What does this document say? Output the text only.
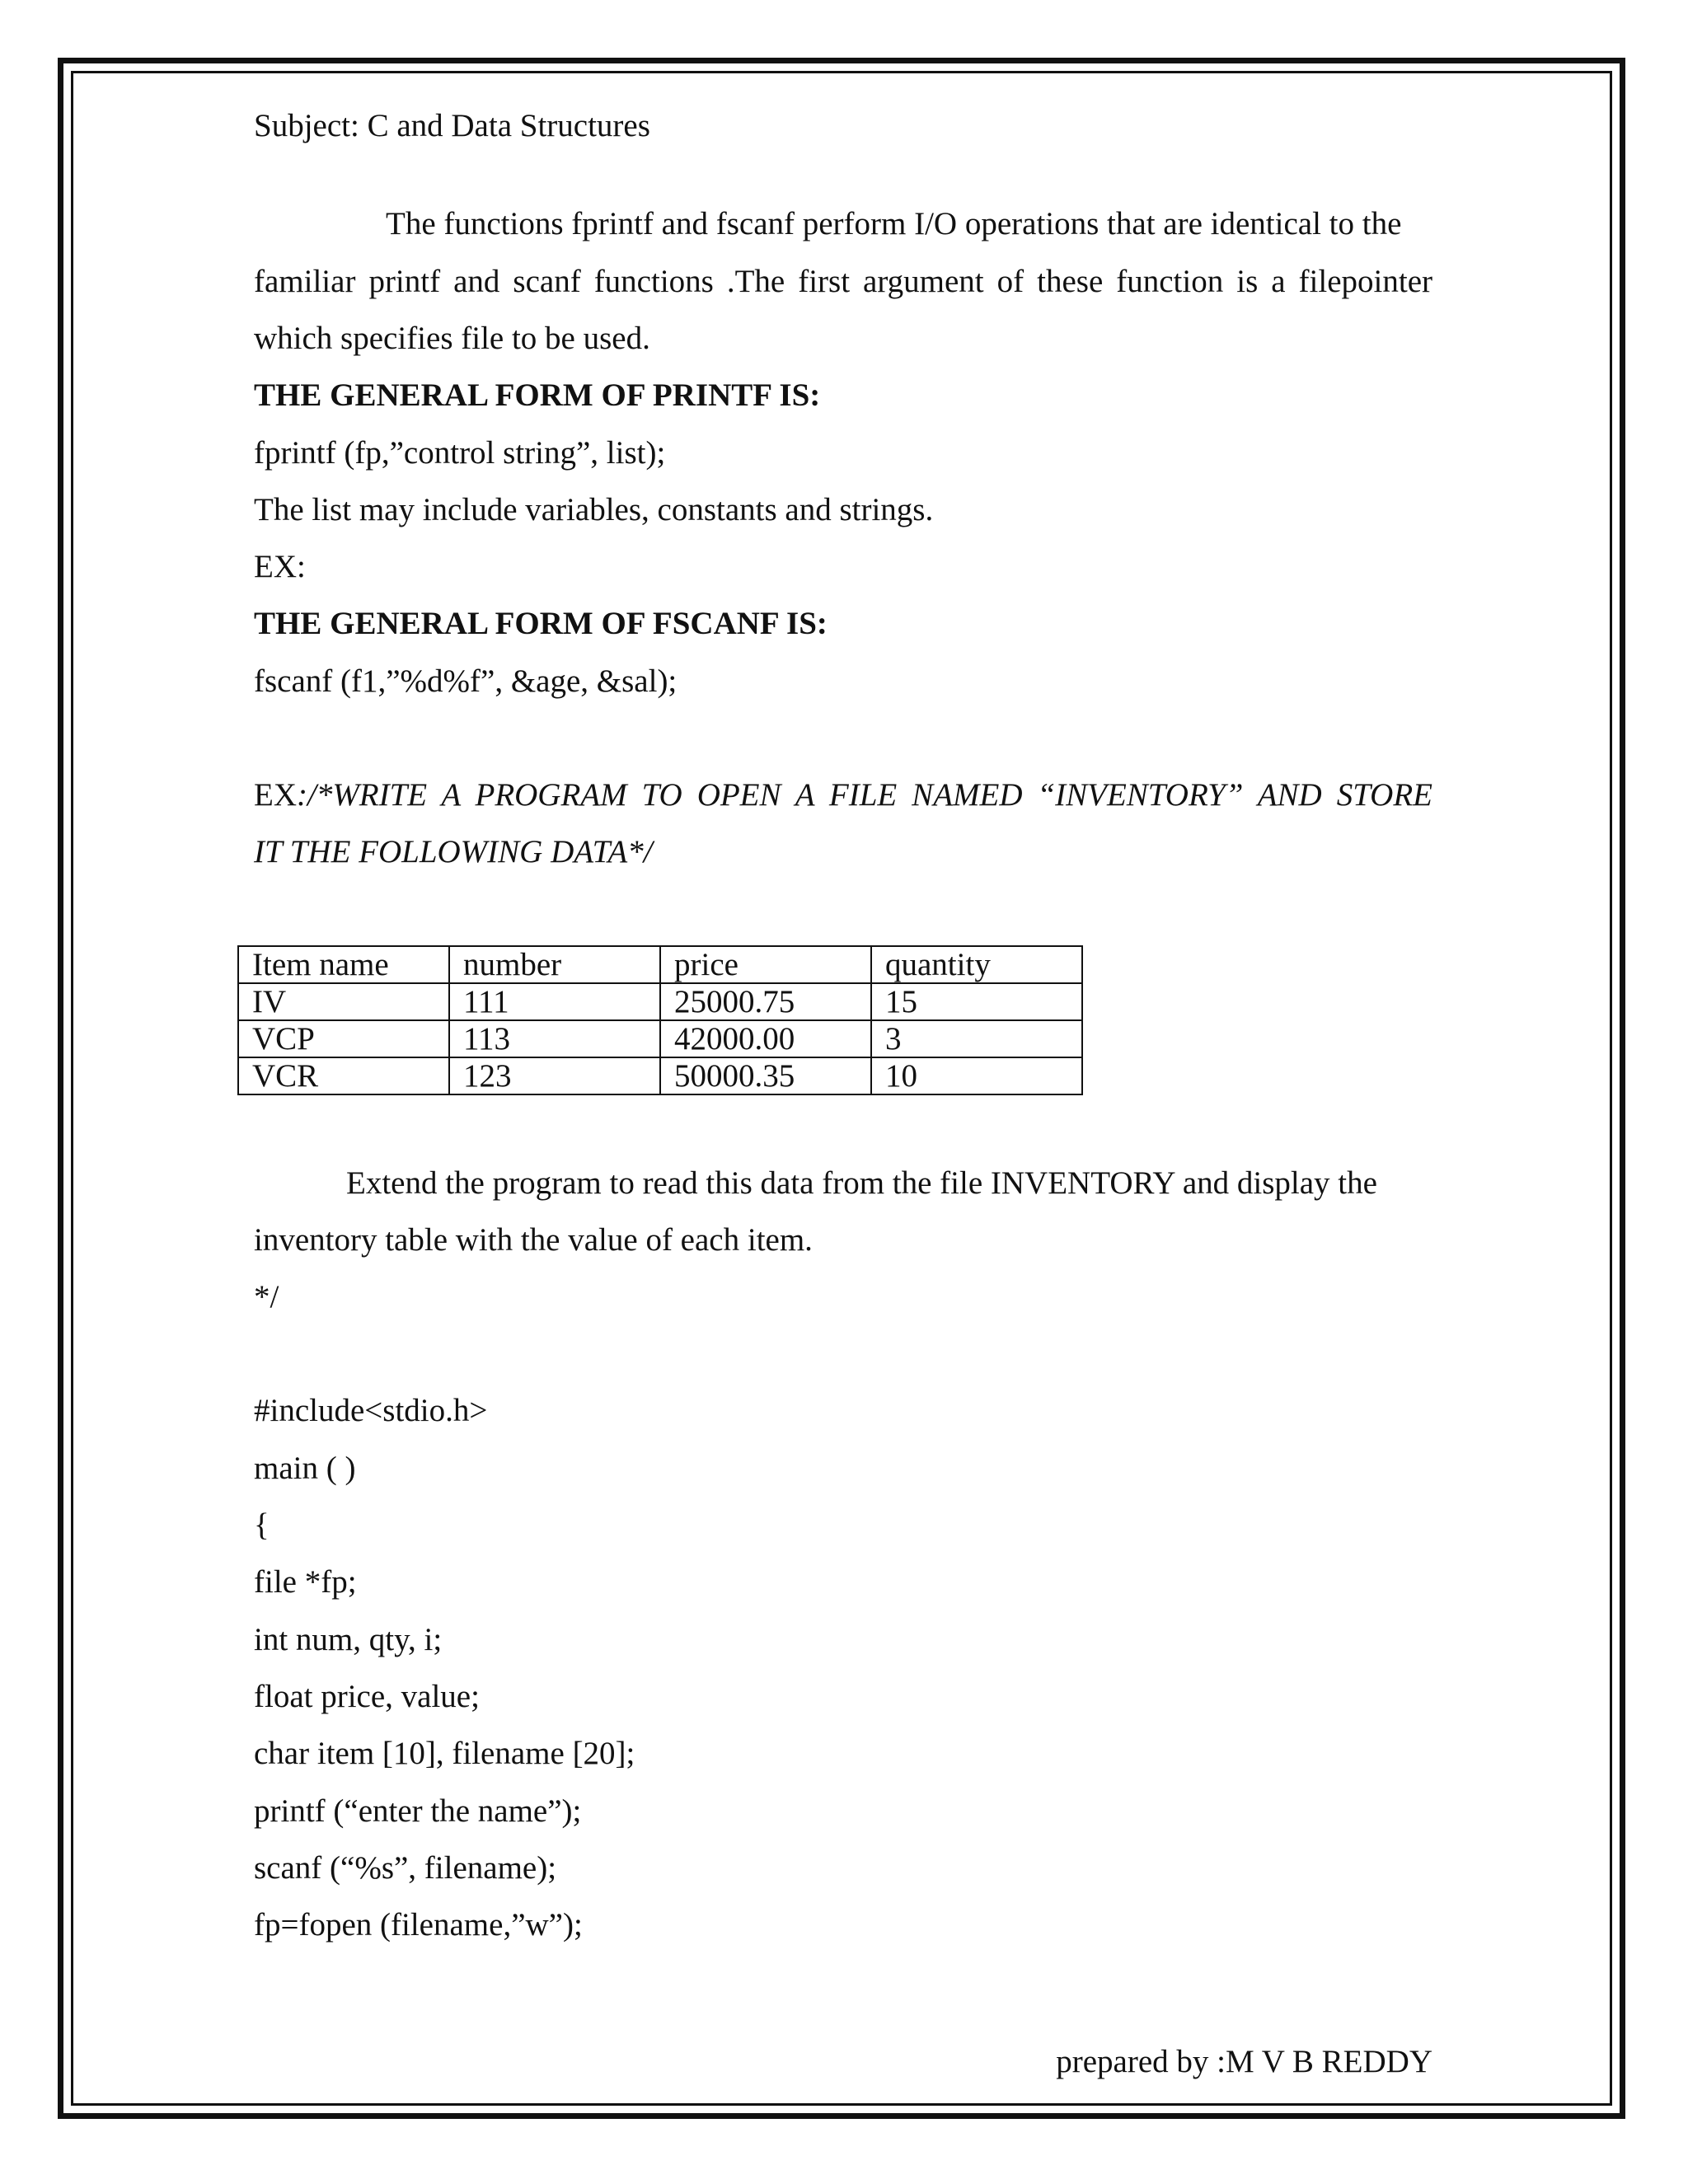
Subject: C and Data Structures
The functions fprintf and fscanf perform I/O operations that are identical to the
familiar printf and scanf functions .The first argument of these function is a filepointer
which specifies file to be used.
THE GENERAL FORM OF PRINTF IS:
fprintf (fp,”control string”, list);
The list may include variables, constants and strings.
EX:
THE GENERAL FORM OF FSCANF IS:
fscanf (f1,”%d%f”, &age, &sal);
EX:/*WRITE A PROGRAM TO OPEN A FILE NAMED “INVENTORY” AND STORE
IT THE FOLLOWING DATA*/
Item name	number	price	quantity
IV	111	25000.75	15
VCP	113	42000.00	3
VCR	123	50000.35	10
Extend the program to read this data from the file INVENTORY and display the
inventory table with the value of each item.
*/
#include<stdio.h>
main ( )
{
file *fp;
int num, qty, i;
float price, value;
char item [10], filename [20];
printf (“enter the name”);
scanf (“%s”, filename);
fp=fopen (filename,”w”);
prepared by :M V B REDDY
